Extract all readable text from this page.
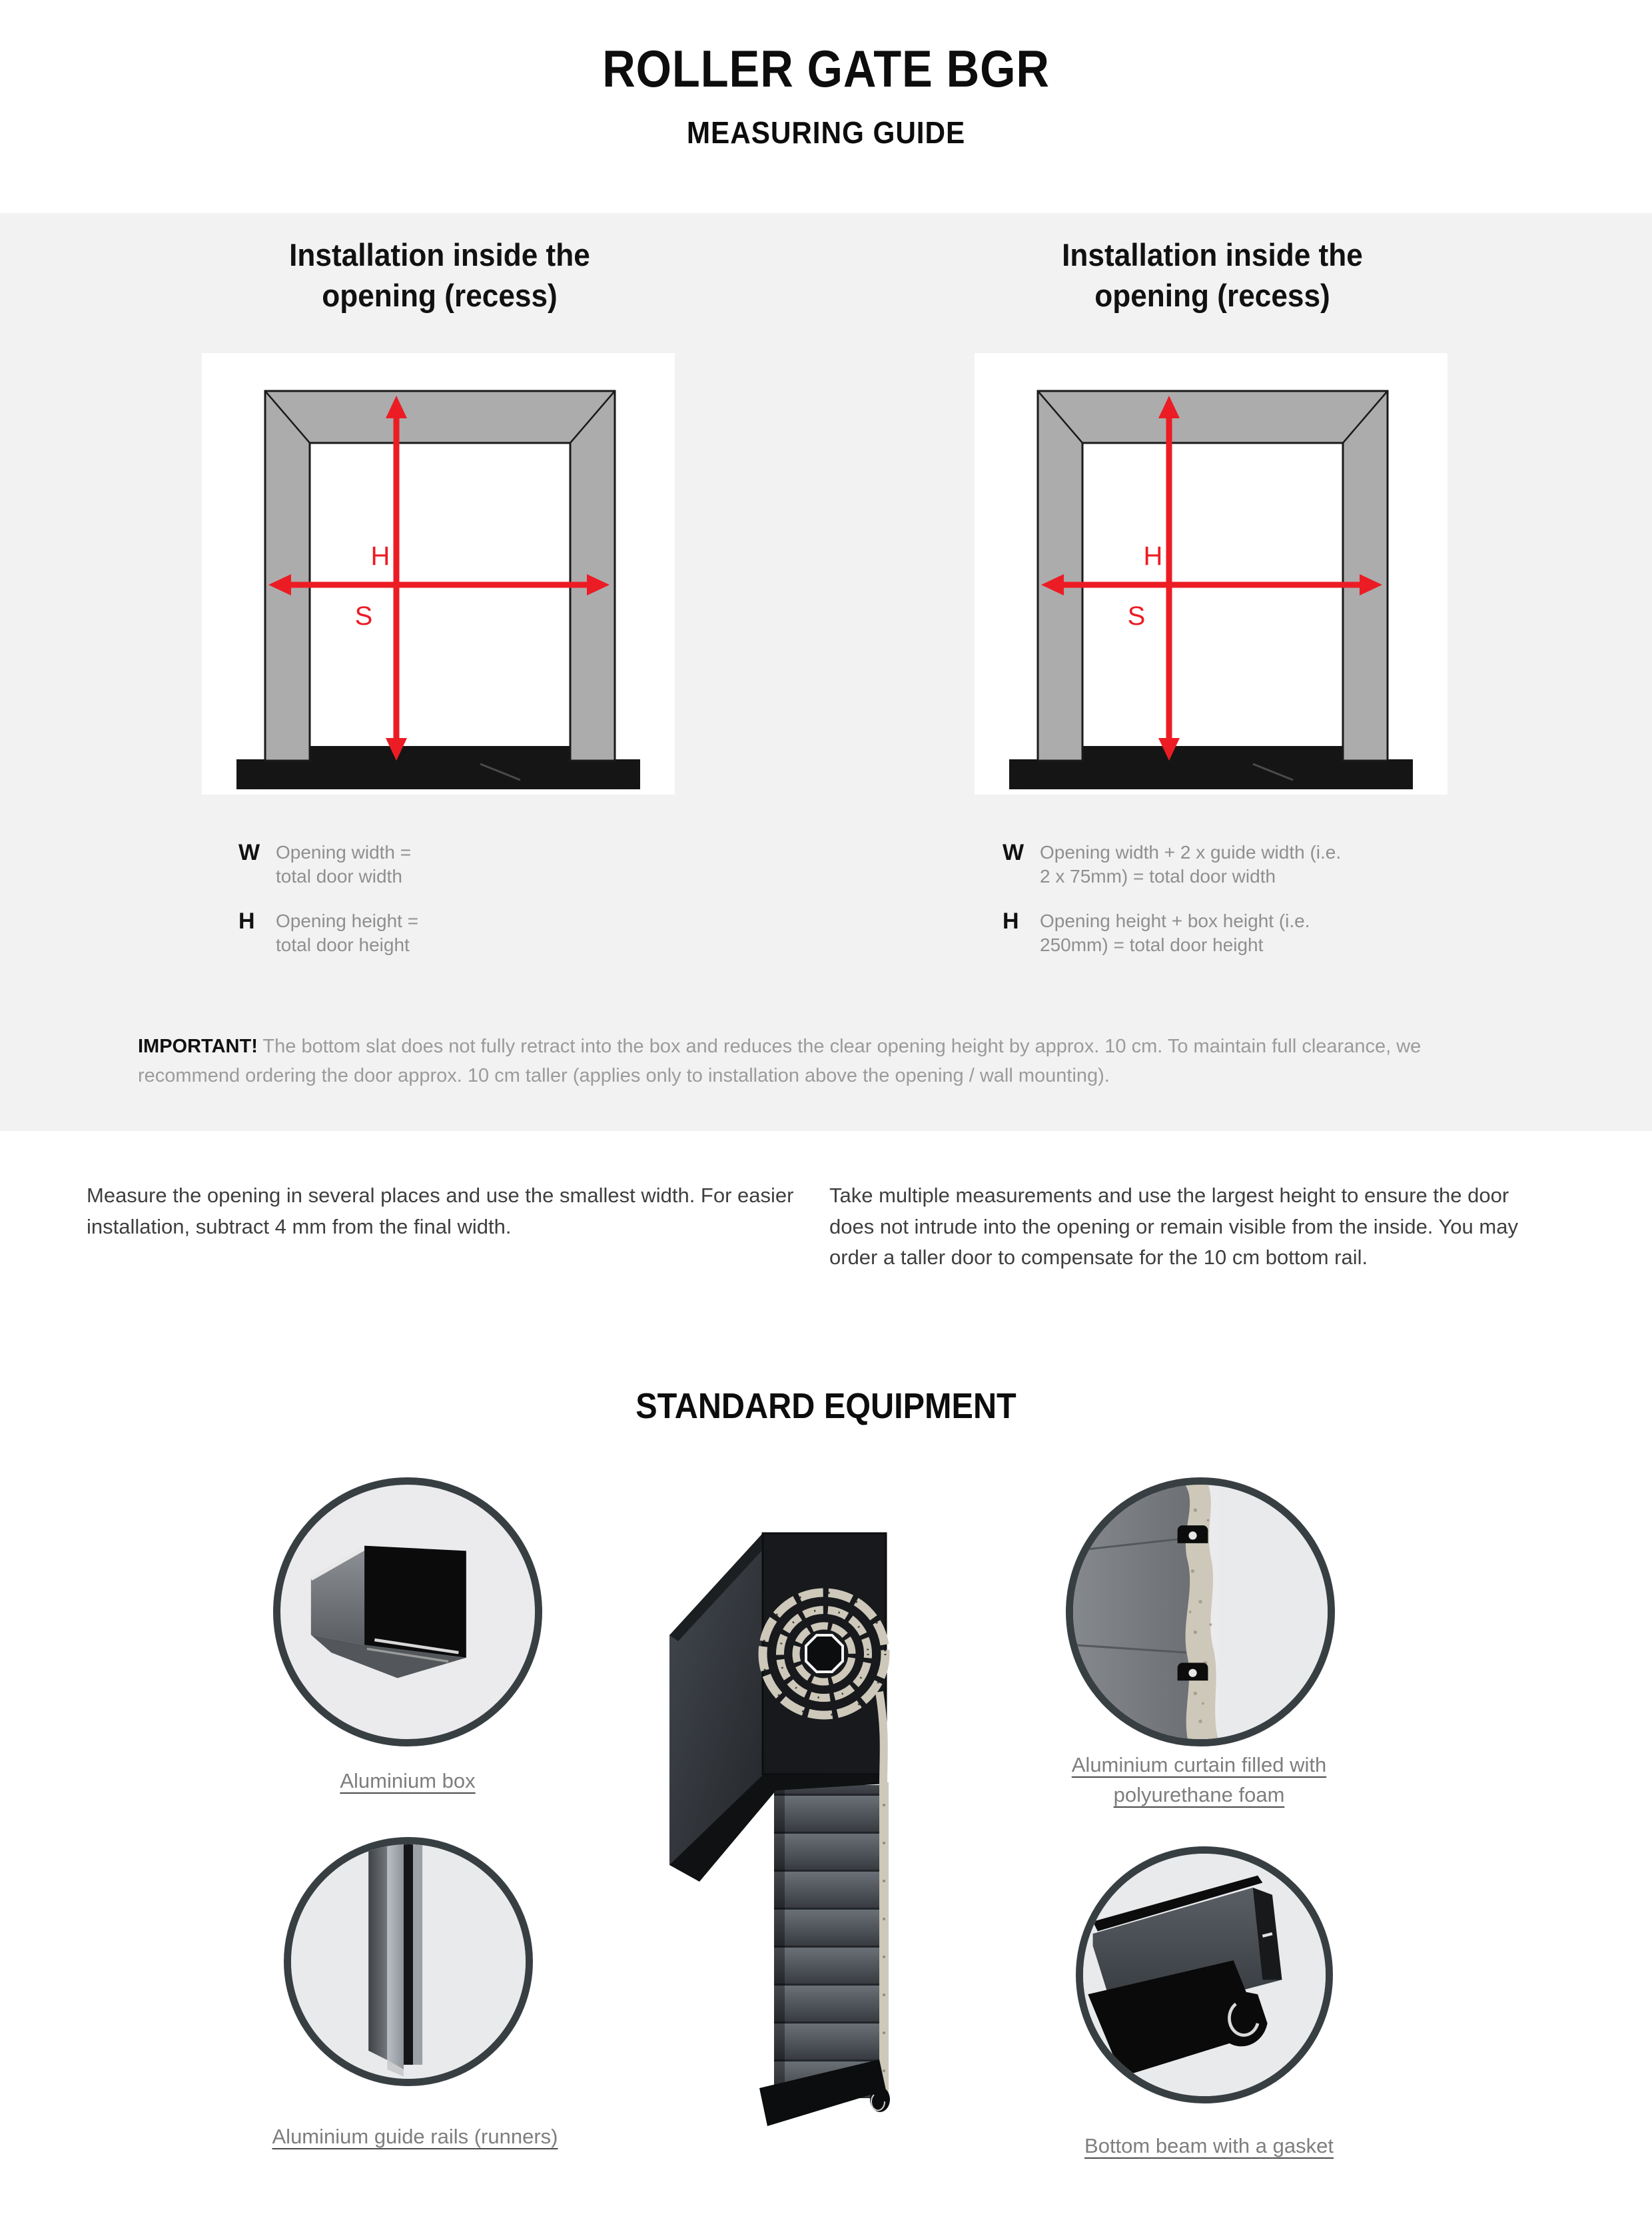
ROLLER GATE BGR
MEASURING GUIDE
Installation inside the opening (recess)
Installation inside the opening (recess)
H
S
H
S
W Opening width = total door width
H	Opening height = total door height
W Opening width + 2 x guide width (i.e. 2 x 75mm) = total door width
H	Opening height + box height (i.e. 250mm) = total door height
IMPORTANT! The bottom slat does not fully retract into the box and reduces the clear opening height by approx. 10 cm. To maintain full clearance, we recommend ordering the door approx. 10 cm taller (applies only to installation above the opening / wall mounting).
Measure the opening in several places and use the smallest width. For easier installation, subtract 4 mm from the final width.
Take multiple measurements and use the largest height to ensure the door does not intrude into the opening or remain visible from the inside. You may order a taller door to compensate for the 10 cm bottom rail.
STANDARD EQUIPMENT
Aluminium box
Aluminium curtain filled with polyurethane foam
Aluminium guide rails (runners)	Bottom beam with a gasket
